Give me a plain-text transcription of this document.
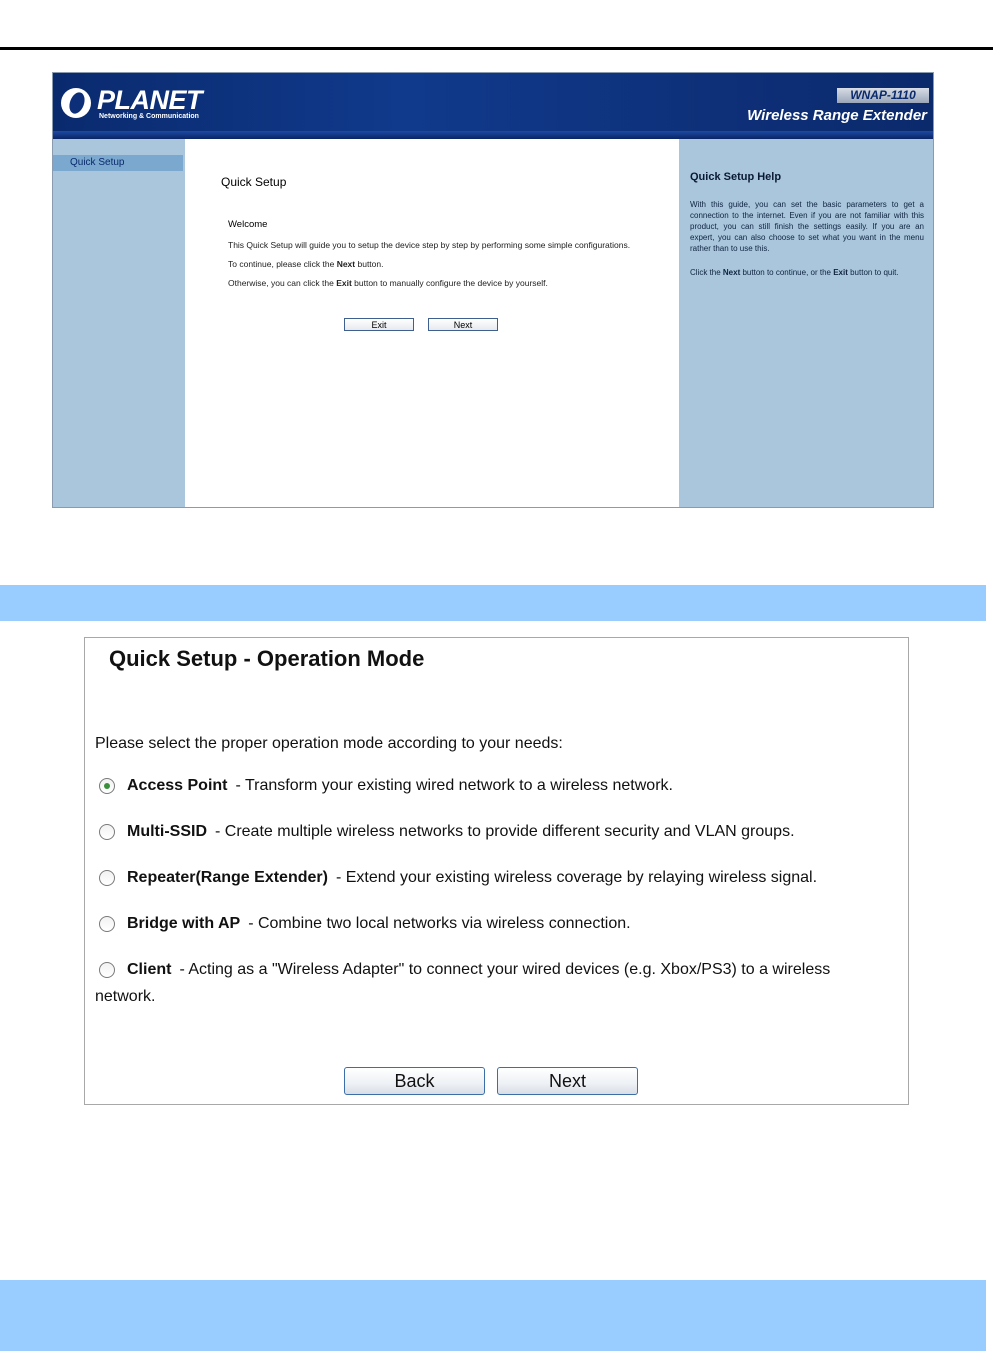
PLANET
Networking & Communication
WNAP-1110
Wireless Range Extender
Quick Setup
Quick Setup
Welcome
This Quick Setup will guide you to setup the device step by step by performing some simple configurations.
To continue, please click the Next button.
Otherwise, you can click the Exit button to manually configure the device by yourself.
Exit	Next
Quick Setup Help
With this guide, you can set the basic parameters to get a connection to the internet. Even if you are not familiar with this product, you can still finish the settings easily. If you are an expert, you can also choose to set what you want in the menu rather than to use this.
Click the Next button to continue, or the Exit button to quit.
Quick Setup - Operation Mode
Please select the proper operation mode according to your needs:
Access Point - Transform your existing wired network to a wireless network.
Multi-SSID - Create multiple wireless networks to provide different security and VLAN groups.
Repeater(Range Extender) - Extend your existing wireless coverage by relaying wireless signal.
Bridge with AP - Combine two local networks via wireless connection.
Client - Acting as a "Wireless Adapter" to connect your wired devices (e.g. Xbox/PS3) to a wireless
network.
Back	Next
